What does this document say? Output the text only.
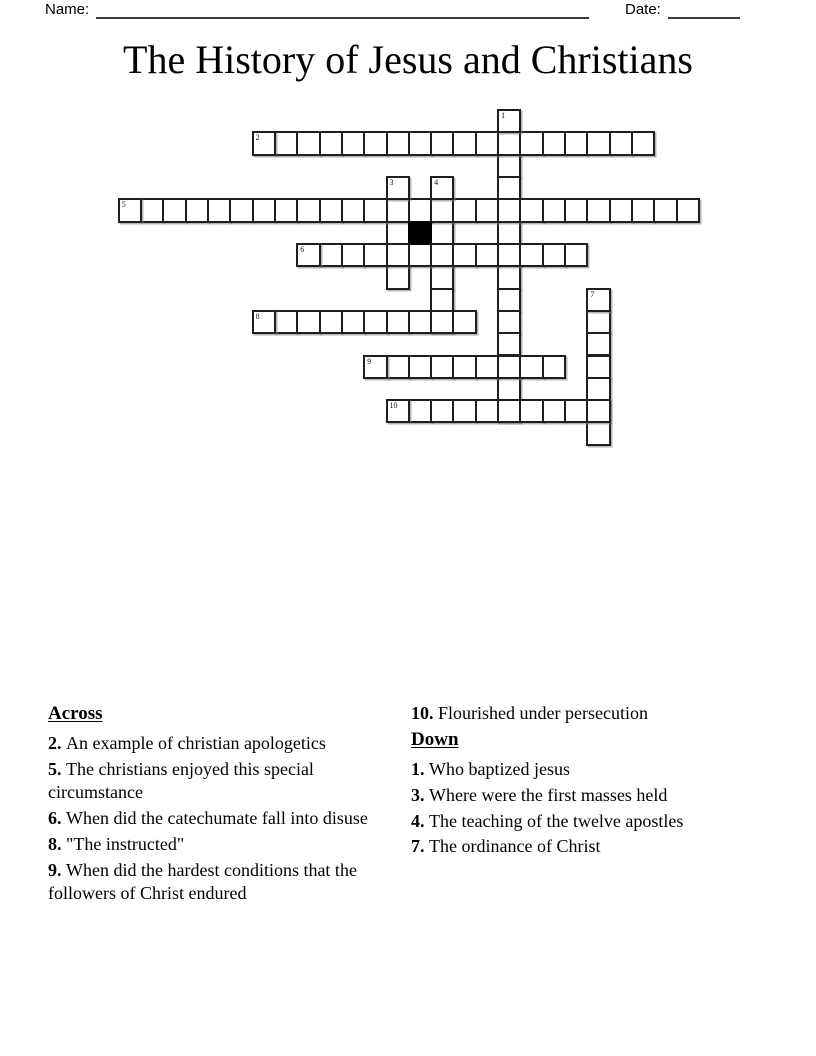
Name:	Date:
The History of Jesus and Christians
1
2
3	4
5
6
7
8
9
10
Across

2. An example of christian apologetics

5. The christians enjoyed this special circumstance

6. When did the catechumate fall into disuse

8. "The instructed"

9. When did the hardest conditions that the followers of Christ endured

10. Flourished under persecution

Down

1. Who baptized jesus

3. Where were the first masses held

4. The teaching of the twelve apostles

7. The ordinance of Christ
